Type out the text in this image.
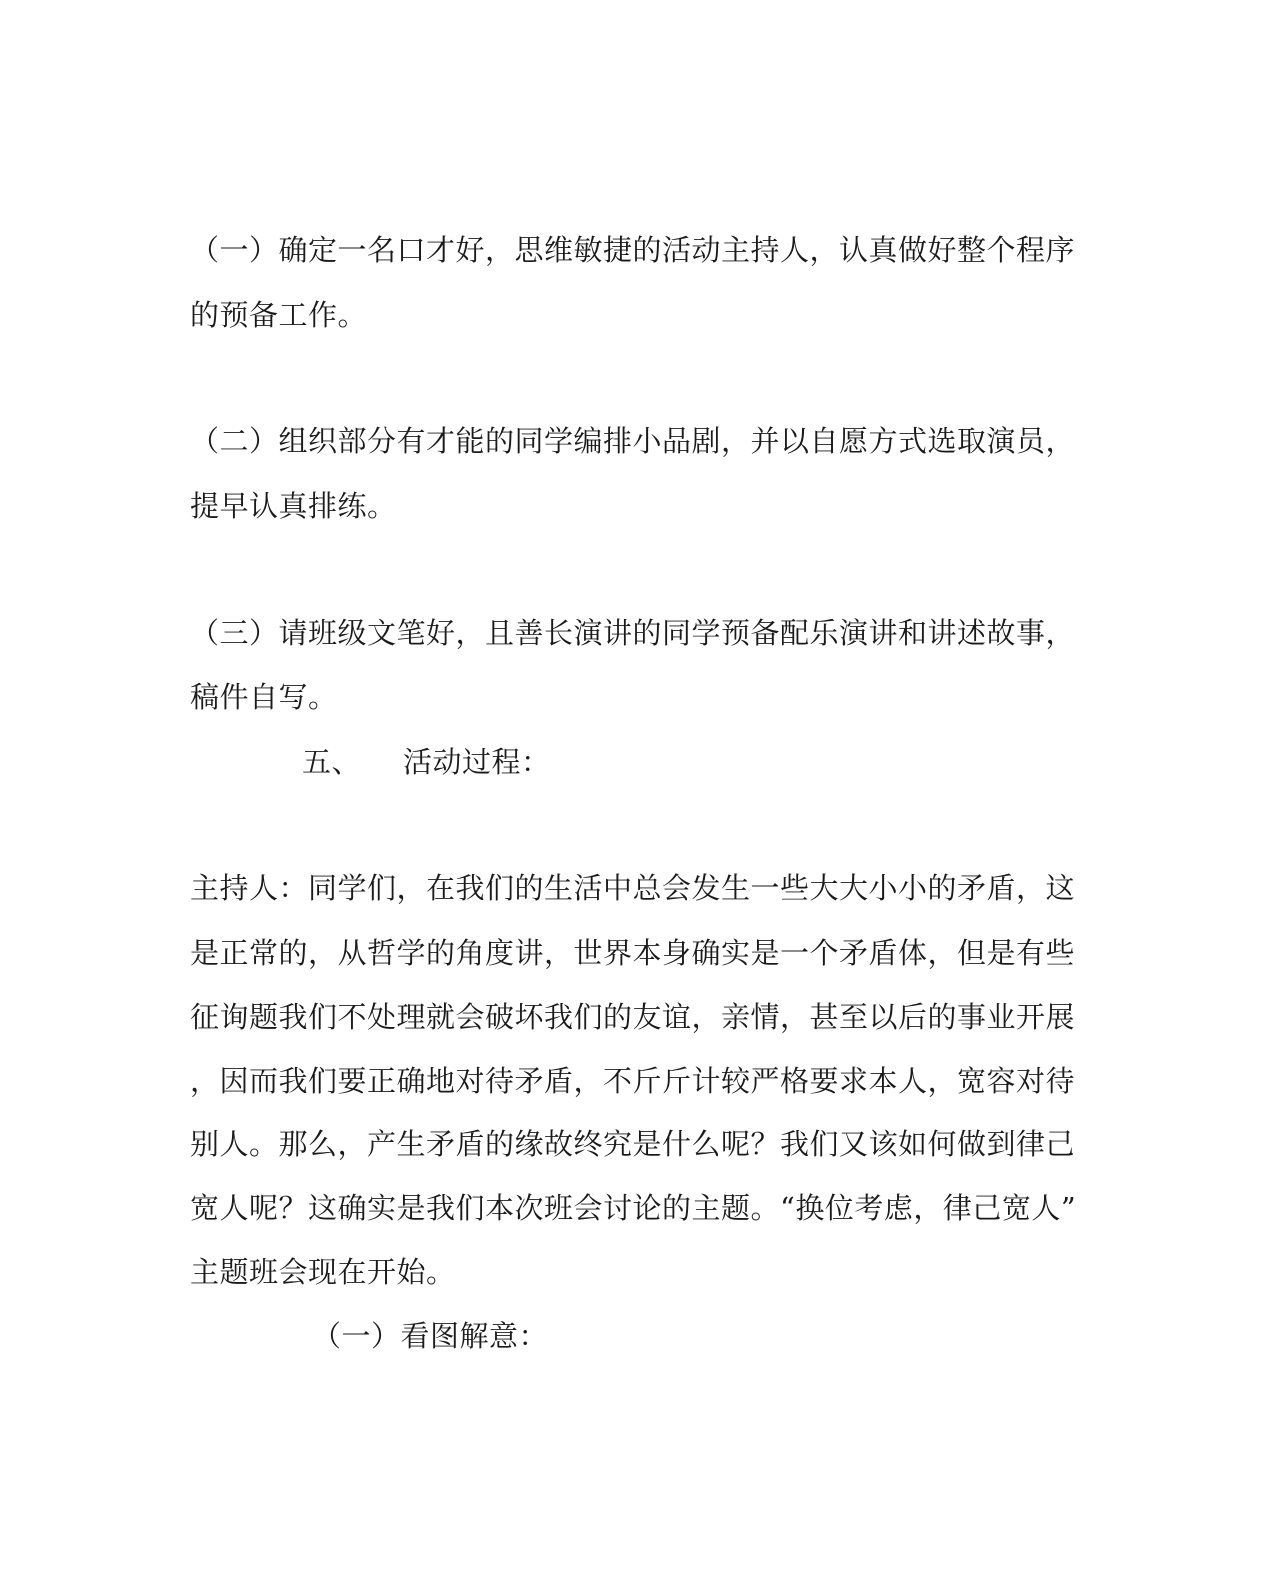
（一）确定一名口才好，思维敏捷的活动主持人，认真做好整个程序
的预备工作。
（二）组织部分有才能的同学编排小品剧，并以自愿方式选取演员，
提早认真排练。
（三）请班级文笔好，且善长演讲的同学预备配乐演讲和讲述故事，
稿件自写。
五、 活动过程：
主持人：同学们，在我们的生活中总会发生一些大大小小的矛盾，这
是正常的，从哲学的角度讲，世界本身确实是一个矛盾体，但是有些
征询题我们不处理就会破坏我们的友谊，亲情，甚至以后的事业开展
，因而我们要正确地对待矛盾，不斤斤计较严格要求本人，宽容对待
别人。那么，产生矛盾的缘故终究是什么呢？我们又该如何做到律己
宽人呢？这确实是我们本次班会讨论的主题。“换位考虑，律己宽人”
主题班会现在开始。
（一）看图解意：
